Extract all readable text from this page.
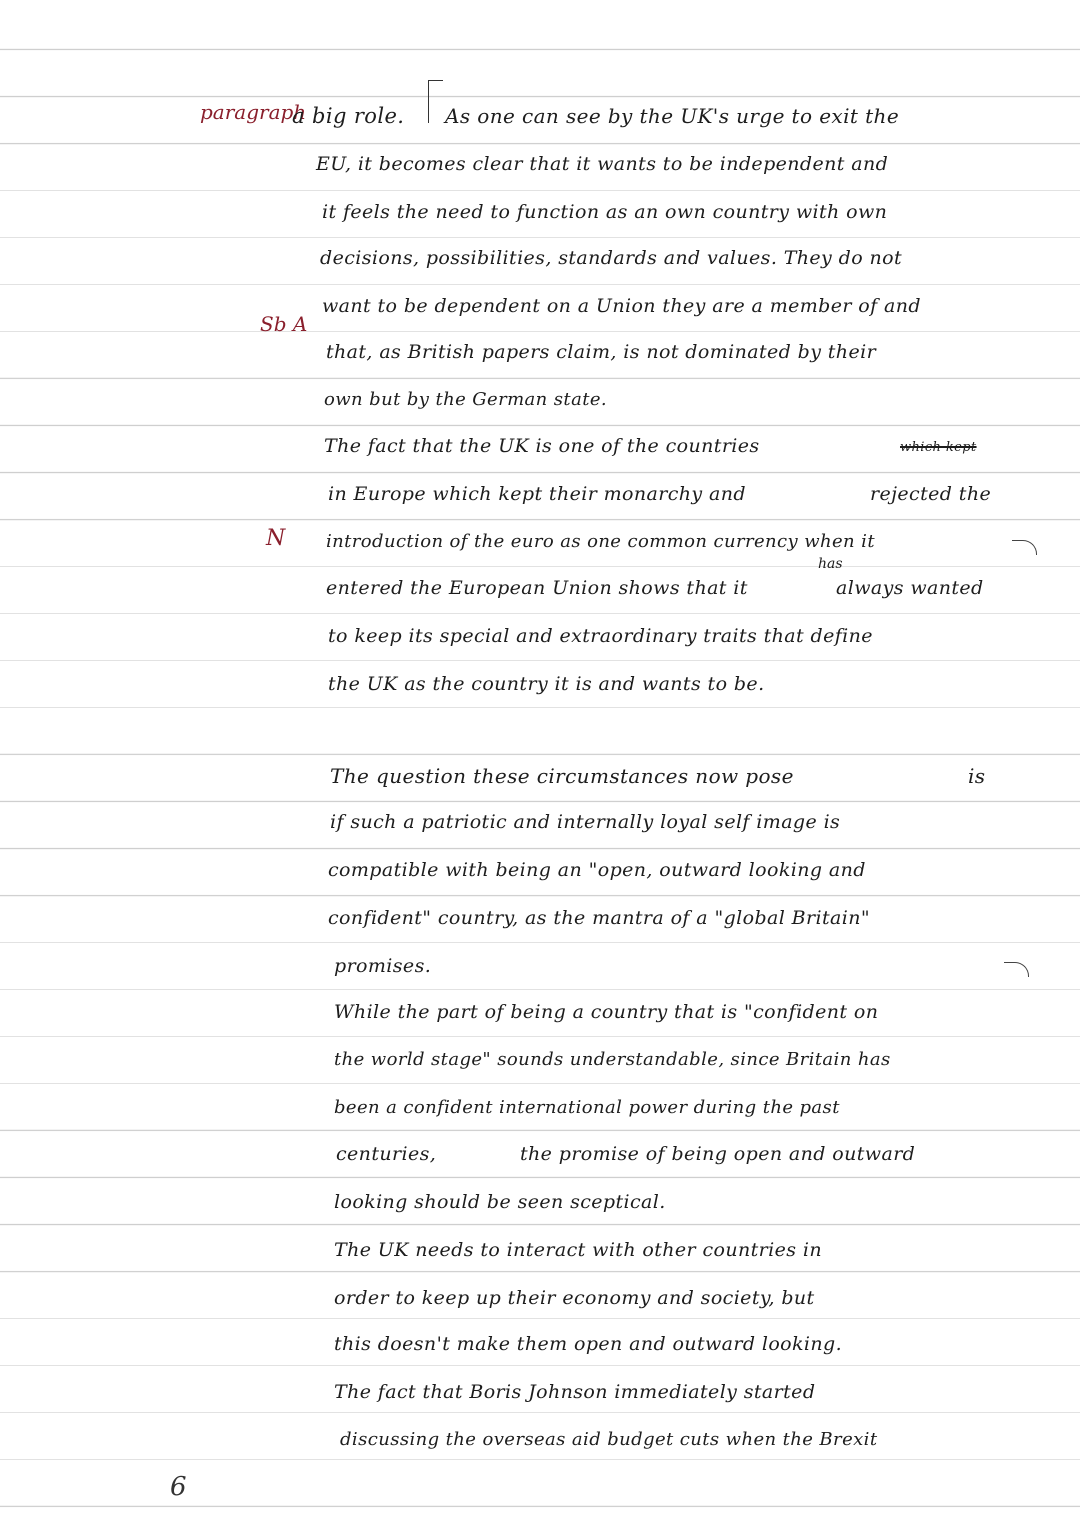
paragraph
Sb A
N
6
a big role. As one can see by the UK's urge to exit the
EU, it becomes clear that it wants to be independent and
it feels the need to function as an own country with own
decisions, possibilities, standards and values. They do not
want to be dependent on a Union they are a member of and
that, as British papers claim, is not dominated by their
own but by the German state.
The fact that the UK is one of the countries	which kept
in Europe which kept their monarchy and	rejected the
introduction of the euro as one common currency when it
entered the European Union shows that it
has
always wanted
to keep its special and extraordinary traits that define
the UK as the country it is and wants to be.
The question these circumstances now pose	is
if such a patriotic and internally loyal self image is
compatible with being an "open, outward looking and
confident" country, as the mantra of a "global Britain"
promises.
While the part of being a country that is "confident on
the world stage" sounds understandable, since Britain has
been a confident international power during the past
centuries,	the promise of being open and outward
looking should be seen sceptical.
The UK needs to interact with other countries in
order to keep up their economy and society, but
this doesn't make them open and outward looking.
The fact that Boris Johnson immediately started
discussing the overseas aid budget cuts when the Brexit
